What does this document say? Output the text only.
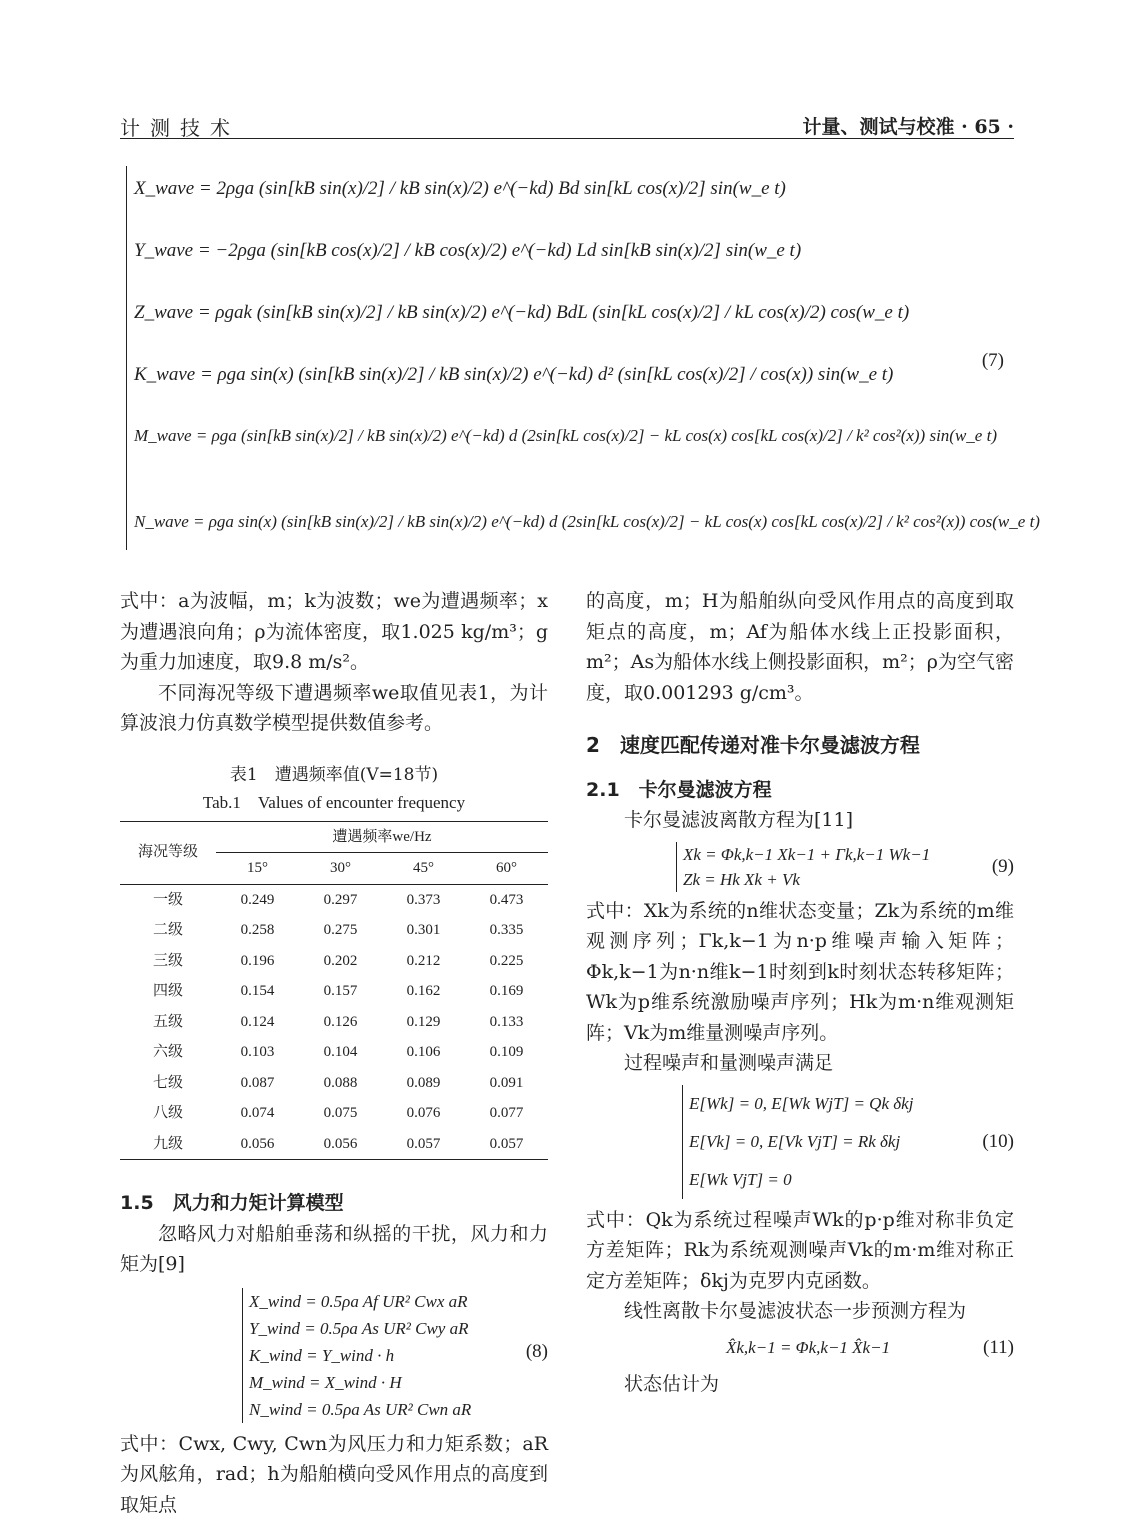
计测技术	计量、测试与校准 · 65 ·
X_wave = 2ρga (sin[kB sin(x)/2] / kB sin(x)/2) e^(−kd) Bd sin[kL cos(x)/2] sin(w_e t)
Y_wave = −2ρga (sin[kB cos(x)/2] / kB cos(x)/2) e^(−kd) Ld sin[kB sin(x)/2] sin(w_e t)
Z_wave = ρgak (sin[kB sin(x)/2] / kB sin(x)/2) e^(−kd) BdL (sin[kL cos(x)/2] / kL cos(x)/2) cos(w_e t)
K_wave = ρga sin(x) (sin[kB sin(x)/2] / kB sin(x)/2) e^(−kd) d² (sin[kL cos(x)/2] / cos(x)) sin(w_e t)
M_wave = ρga (sin[kB sin(x)/2] / kB sin(x)/2) e^(−kd) d (2sin[kL cos(x)/2] − kL cos(x) cos[kL cos(x)/2] / k² cos²(x)) sin(w_e t)
N_wave = ρga sin(x) (sin[kB sin(x)/2] / kB sin(x)/2) e^(−kd) d (2sin[kL cos(x)/2] − kL cos(x) cos[kL cos(x)/2] / k² cos²(x)) cos(w_e t)
(7)

式中：a为波幅，m；k为波数；we为遭遇频率；x为遭遇浪向角；ρ为流体密度，取1.025 kg/m³；g为重力加速度，取9.8 m/s²。

不同海况等级下遭遇频率we取值见表1，为计算波浪力仿真数学模型提供数值参考。

表1　遭遇频率值(V=18节)
Tab.1　Values of encounter frequency
海况等级	遭遇频率we/Hz			
	15°	30°	45°	60°
一级	0.249	0.297	0.373	0.473
二级	0.258	0.275	0.301	0.335
三级	0.196	0.202	0.212	0.225
四级	0.154	0.157	0.162	0.169
五级	0.124	0.126	0.129	0.133
六级	0.103	0.104	0.106	0.109
七级	0.087	0.088	0.089	0.091
八级	0.074	0.075	0.076	0.077
九级	0.056	0.056	0.057	0.057
1.5　风力和力矩计算模型

忽略风力对船舶垂荡和纵摇的干扰，风力和力矩为[9]

X_wind = 0.5ρa Af UR² Cwx aR
Y_wind = 0.5ρa As UR² Cwy aR
K_wind = Y_wind · h
M_wind = X_wind · H
N_wind = 0.5ρa As UR² Cwn aR
(8)

式中：Cwx, Cwy, Cwn为风压力和力矩系数；aR为风舷角，rad；h为船舶横向受风作用点的高度到取矩点

的高度，m；H为船舶纵向受风作用点的高度到取矩点的高度，m；Af为船体水线上正投影面积，m²；As为船体水线上侧投影面积，m²；ρ为空气密度，取0.001293 g/cm³。

2　速度匹配传递对准卡尔曼滤波方程
2.1　卡尔曼滤波方程

卡尔曼滤波离散方程为[11]

Xk = Φk,k−1 Xk−1 + Γk,k−1 Wk−1
Zk = Hk Xk + Vk
(9)

式中：Xk为系统的n维状态变量；Zk为系统的m维观测序列；Γk,k−1为n·p维噪声输入矩阵；Φk,k−1为n·n维k−1时刻到k时刻状态转移矩阵；Wk为p维系统激励噪声序列；Hk为m·n维观测矩阵；Vk为m维量测噪声序列。

过程噪声和量测噪声满足

E[Wk] = 0, E[Wk WjT] = Qk δkj
E[Vk] = 0, E[Vk VjT] = Rk δkj
E[Wk VjT] = 0
(10)

式中：Qk为系统过程噪声Wk的p·p维对称非负定方差矩阵；Rk为系统观测噪声Vk的m·m维对称正定方差矩阵；δkj为克罗内克函数。

线性离散卡尔曼滤波状态一步预测方程为

X̂k,k−1 = Φk,k−1 X̂k−1	(11)

状态估计为
